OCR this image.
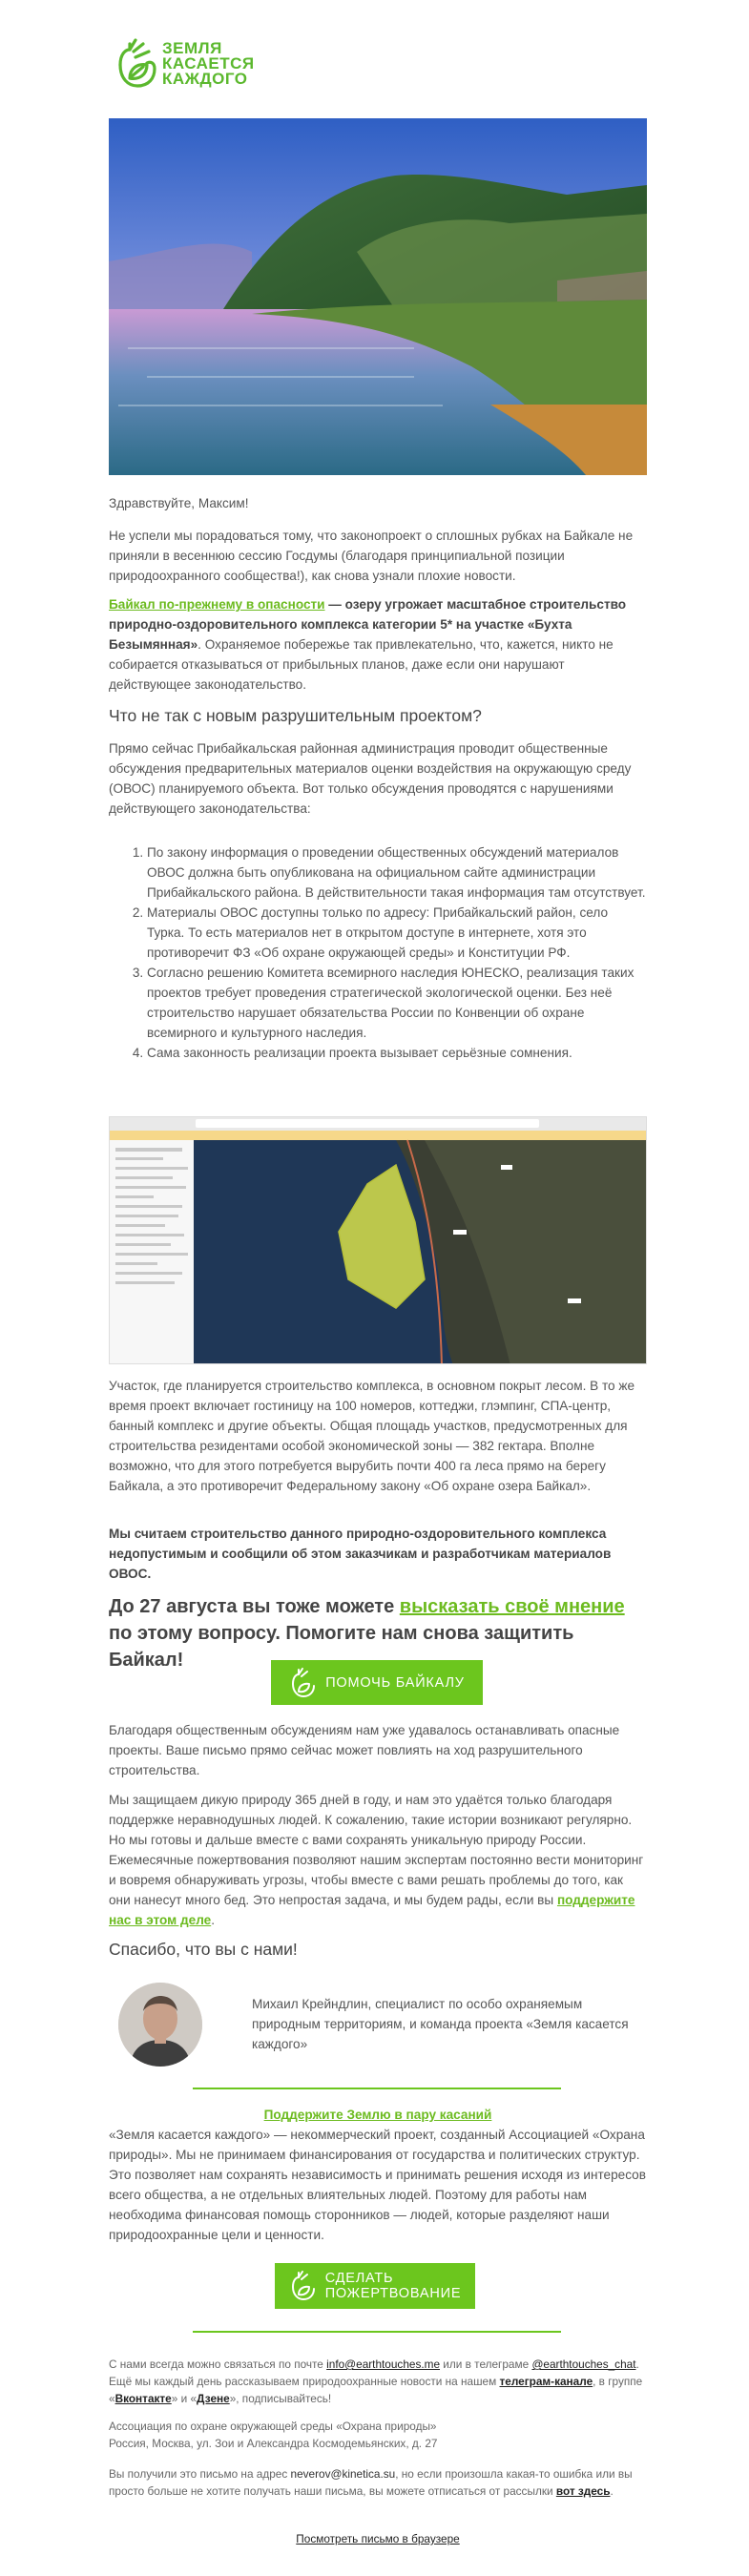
ЗЕМЛЯ
КАСАЕТСЯ
КАЖДОГО
Здравствуйте, Максим!
Не успели мы порадоваться тому, что законопроект о сплошных рубках на Байкале не приняли в весеннюю сессию Госдумы (благодаря принципиальной позиции природоохранного сообщества!), как снова узнали плохие новости.
Байкал по-прежнему в опасности — озеру угрожает масштабное строительство природно-оздоровительного комплекса категории 5* на участке «Бухта Безымянная». Охраняемое побережье так привлекательно, что, кажется, никто не собирается отказываться от прибыльных планов, даже если они нарушают действующее законодательство.
Что не так с новым разрушительным проектом?
Прямо сейчас Прибайкальская районная администрация проводит общественные обсуждения предварительных материалов оценки воздействия на окружающую среду (ОВОС) планируемого объекта. Вот только обсуждения проводятся с нарушениями действующего законодательства:
1. По закону информация о проведении общественных обсуждений материалов ОВОС должна быть опубликована на официальном сайте администрации Прибайкальского района. В действительности такая информация там отсутствует.
2. Материалы ОВОС доступны только по адресу: Прибайкальский район, село Турка. То есть материалов нет в открытом доступе в интернете, хотя это противоречит ФЗ «Об охране окружающей среды» и Конституции РФ.
3. Согласно решению Комитета всемирного наследия ЮНЕСКО, реализация таких проектов требует проведения стратегической экологической оценки. Без неё строительство нарушает обязательства России по Конвенции об охране всемирного и культурного наследия.
4. Сама законность реализации проекта вызывает серьёзные сомнения.
Участок, где планируется строительство комплекса, в основном покрыт лесом. В то же время проект включает гостиницу на 100 номеров, коттеджи, глэмпинг, СПА-центр, банный комплекс и другие объекты. Общая площадь участков, предусмотренных для строительства резидентами особой экономической зоны — 382 гектара. Вполне возможно, что для этого потребуется вырубить почти 400 га леса прямо на берегу Байкала, а это противоречит Федеральному закону «Об охране озера Байкал».
Мы считаем строительство данного природно-оздоровительного комплекса недопустимым и сообщили об этом заказчикам и разработчикам материалов ОВОС.
До 27 августа вы тоже можете высказать своё мнение по этому вопросу. Помогите нам снова защитить Байкал!
ПОМОЧЬ БАЙКАЛУ
Благодаря общественным обсуждениям нам уже удавалось останавливать опасные проекты. Ваше письмо прямо сейчас может повлиять на ход разрушительного строительства.
Мы защищаем дикую природу 365 дней в году, и нам это удаётся только благодаря поддержке неравнодушных людей. К сожалению, такие истории возникают регулярно. Но мы готовы и дальше вместе с вами сохранять уникальную природу России. Ежемесячные пожертвования позволяют нашим экспертам постоянно вести мониторинг и вовремя обнаруживать угрозы, чтобы вместе с вами решать проблемы до того, как они нанесут много бед. Это непростая задача, и мы будем рады, если вы поддержите нас в этом деле.
Спасибо, что вы с нами!
Михаил Крейндлин, специалист по особо охраняемым природным территориям, и команда проекта «Земля касается каждого»
Поддержите Землю в пару касаний
«Земля касается каждого» — некоммерческий проект, созданный Ассоциацией «Охрана природы». Мы не принимаем финансирования от государства и политических структур. Это позволяет нам сохранять независимость и принимать решения исходя из интересов всего общества, а не отдельных влиятельных людей. Поэтому для работы нам необходима финансовая помощь сторонников — людей, которые разделяют наши природоохранные цели и ценности.
СДЕЛАТЬ
ПОЖЕРТВОВАНИЕ
С нами всегда можно связаться по почте info@earthtouches.me или в телеграме @earthtouches_chat. Ещё мы каждый день рассказываем природоохранные новости на нашем телеграм-канале, в группе «Вконтакте» и «Дзене», подписывайтесь!
Ассоциация по охране окружающей среды «Охрана природы»
Россия, Москва, ул. Зои и Александра Космодемьянских, д. 27
Вы получили это письмо на адрес neverov@kinetica.su, но если произошла какая-то ошибка или вы просто больше не хотите получать наши письма, вы можете отписаться от рассылки вот здесь.
Посмотреть письмо в браузере
